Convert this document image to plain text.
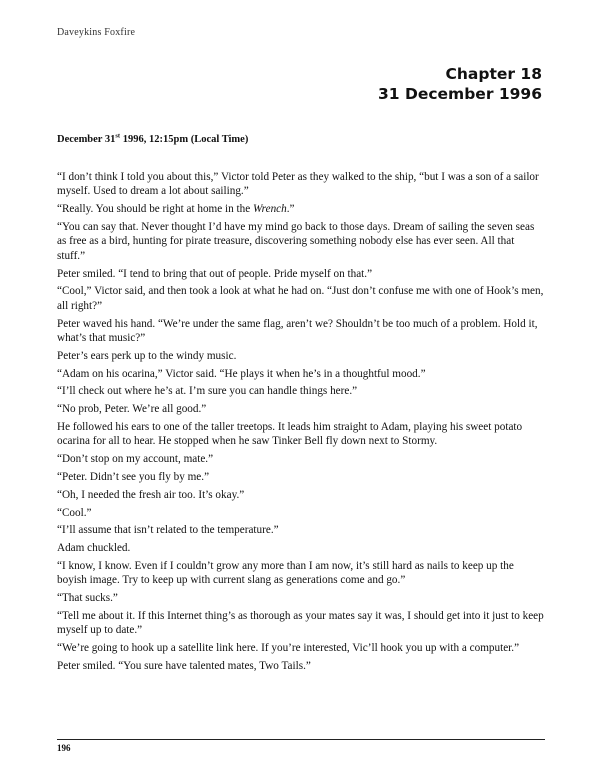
Daveykins Foxfire
Chapter 18
31 December 1996
December 31st 1996, 12:15pm (Local Time)

“I don’t think I told you about this,” Victor told Peter as they walked to the ship, “but I was a son of a sailor myself. Used to dream a lot about sailing.”

“Really. You should be right at home in the Wrench.”

“You can say that. Never thought I’d have my mind go back to those days. Dream of sailing the seven seas as free as a bird, hunting for pirate treasure, discovering something nobody else has ever seen. All that stuff.”

Peter smiled. “I tend to bring that out of people. Pride myself on that.”

“Cool,” Victor said, and then took a look at what he had on. “Just don’t confuse me with one of Hook’s men, all right?”

Peter waved his hand. “We’re under the same flag, aren’t we? Shouldn’t be too much of a problem. Hold it, what’s that music?”

Peter’s ears perk up to the windy music.

“Adam on his ocarina,” Victor said. “He plays it when he’s in a thoughtful mood.”

“I’ll check out where he’s at. I’m sure you can handle things here.”

“No prob, Peter. We’re all good.”

He followed his ears to one of the taller treetops. It leads him straight to Adam, playing his sweet potato ocarina for all to hear. He stopped when he saw Tinker Bell fly down next to Stormy.

“Don’t stop on my account, mate.”

“Peter. Didn’t see you fly by me.”

“Oh, I needed the fresh air too. It’s okay.”

“Cool.”

“I’ll assume that isn’t related to the temperature.”

Adam chuckled.

“I know, I know. Even if I couldn’t grow any more than I am now, it’s still hard as nails to keep up the boyish image. Try to keep up with current slang as generations come and go.”

“That sucks.”

“Tell me about it. If this Internet thing’s as thorough as your mates say it was, I should get into it just to keep myself up to date.”

“We’re going to hook up a satellite link here. If you’re interested, Vic’ll hook you up with a computer.”

Peter smiled. “You sure have talented mates, Two Tails.”

196
